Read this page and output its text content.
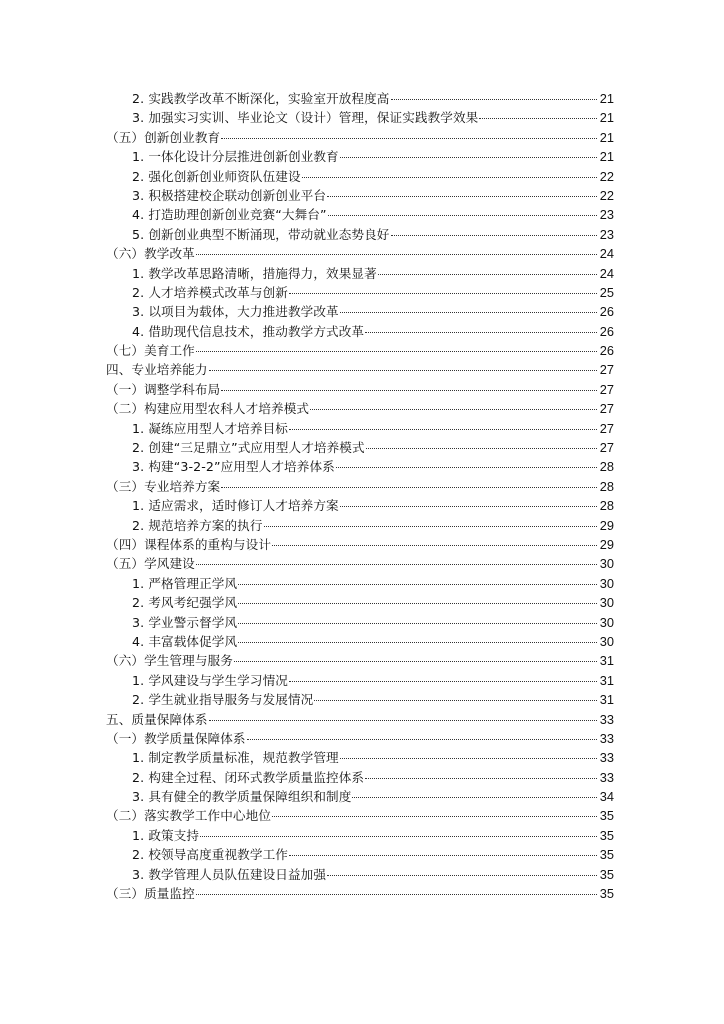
2. 实践教学改革不断深化，实验室开放程度高	21
3. 加强实习实训、毕业论文（设计）管理，保证实践教学效果	21
（五）创新创业教育	21
1. 一体化设计分层推进创新创业教育	21
2. 强化创新创业师资队伍建设	22
3. 积极搭建校企联动创新创业平台	22
4. 打造助理创新创业竞赛“大舞台”	23
5. 创新创业典型不断涌现，带动就业态势良好	23
（六）教学改革	24
1. 教学改革思路清晰，措施得力，效果显著	24
2. 人才培养模式改革与创新	25
3. 以项目为载体，大力推进教学改革	26
4. 借助现代信息技术，推动教学方式改革	26
（七）美育工作	26
四、专业培养能力	27
（一）调整学科布局	27
（二）构建应用型农科人才培养模式	27
1. 凝练应用型人才培养目标	27
2. 创建“三足鼎立”式应用型人才培养模式	27
3. 构建“3-2-2”应用型人才培养体系	28
（三）专业培养方案	28
1. 适应需求，适时修订人才培养方案	28
2. 规范培养方案的执行	29
（四）课程体系的重构与设计	29
（五）学风建设	30
1. 严格管理正学风	30
2. 考风考纪强学风	30
3. 学业警示督学风	30
4. 丰富载体促学风	30
（六）学生管理与服务	31
1. 学风建设与学生学习情况	31
2. 学生就业指导服务与发展情况	31
五、质量保障体系	33
（一）教学质量保障体系	33
1. 制定教学质量标准，规范教学管理	33
2. 构建全过程、闭环式教学质量监控体系	33
3. 具有健全的教学质量保障组织和制度	34
（二）落实教学工作中心地位	35
1. 政策支持	35
2. 校领导高度重视教学工作	35
3. 教学管理人员队伍建设日益加强	35
（三）质量监控	35
